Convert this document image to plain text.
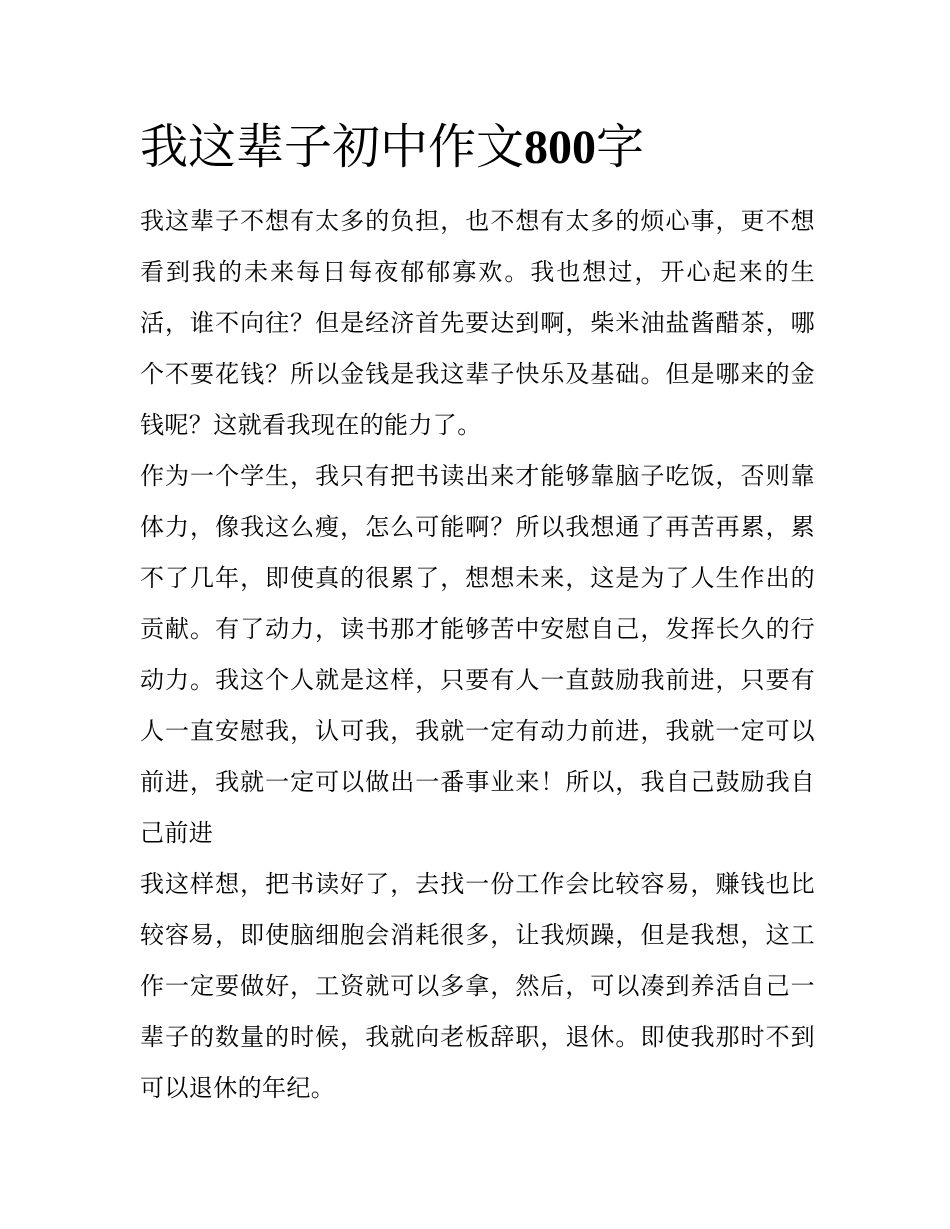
我这辈子初中作文800字

我这辈子不想有太多的负担，也不想有太多的烦心事，更不想看到我的未来每日每夜郁郁寡欢。我也想过，开心起来的生活，谁不向往？但是经济首先要达到啊，柴米油盐酱醋茶，哪个不要花钱？所以金钱是我这辈子快乐及基础。但是哪来的金钱呢？这就看我现在的能力了。

作为一个学生，我只有把书读出来才能够靠脑子吃饭，否则靠体力，像我这么瘦，怎么可能啊？所以我想通了再苦再累，累不了几年，即使真的很累了，想想未来，这是为了人生作出的贡献。有了动力，读书那才能够苦中安慰自己，发挥长久的行动力。我这个人就是这样，只要有人一直鼓励我前进，只要有人一直安慰我，认可我，我就一定有动力前进，我就一定可以前进，我就一定可以做出一番事业来！所以，我自己鼓励我自己前进

我这样想，把书读好了，去找一份工作会比较容易，赚钱也比较容易，即使脑细胞会消耗很多，让我烦躁，但是我想，这工作一定要做好，工资就可以多拿，然后，可以凑到养活自己一辈子的数量的时候，我就向老板辞职，退休。即使我那时不到可以退休的年纪。
